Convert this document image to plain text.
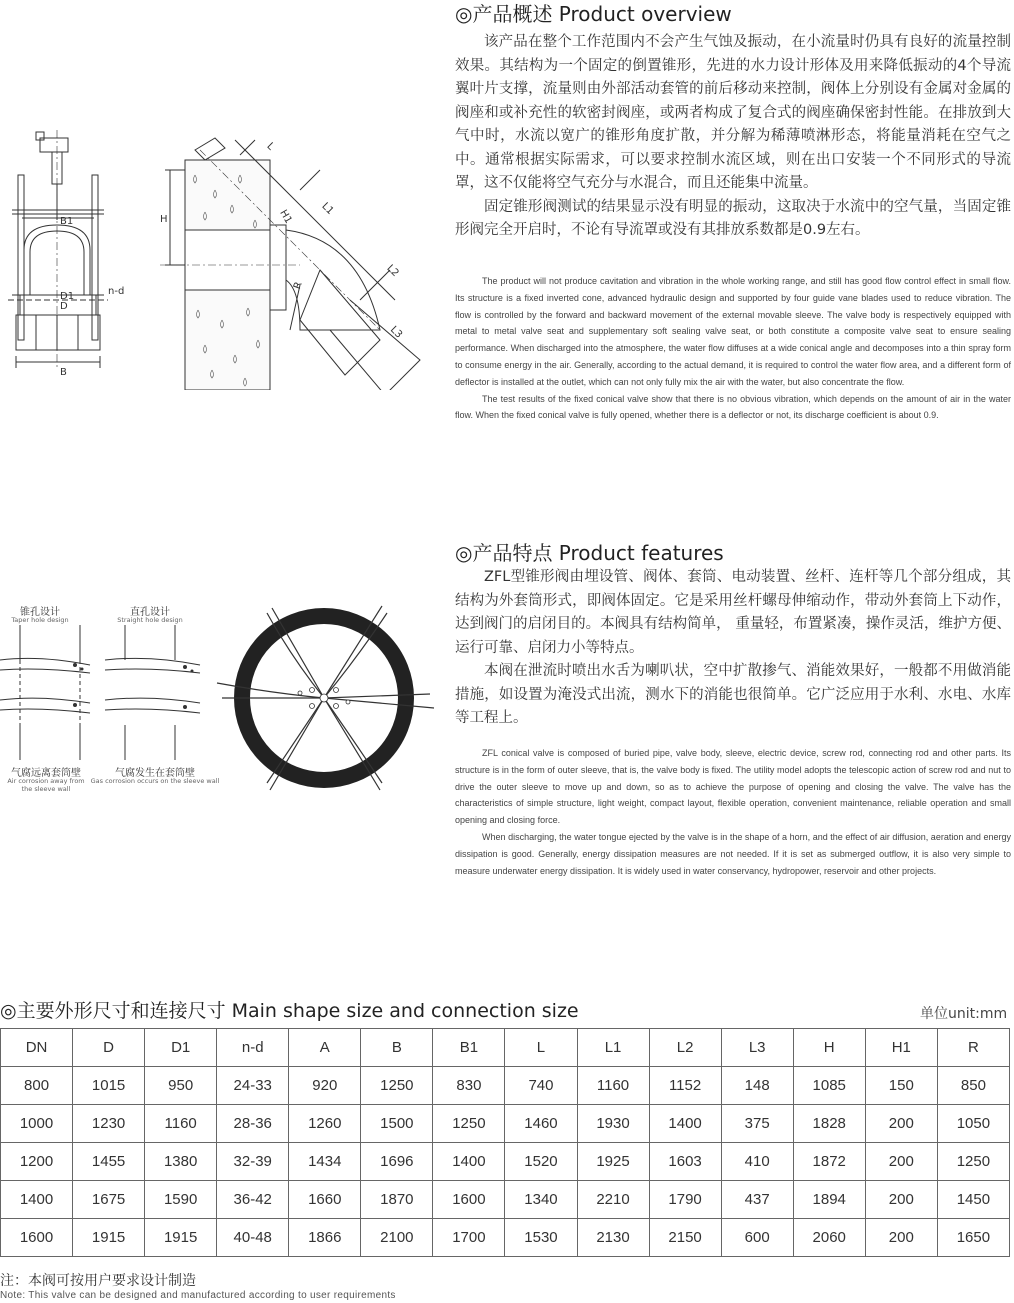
◎产品概述 Product overview

该产品在整个工作范围内不会产生气蚀及振动，在小流量时仍具有良好的流量控制效果。其结构为一个固定的倒置锥形，先进的水力设计形体及用来降低振动的4个导流翼叶片支撑，流量则由外部活动套管的前后移动来控制，阀体上分别设有金属对金属的阀座和或补充性的软密封阀座，或两者构成了复合式的阀座确保密封性能。在排放到大气中时，水流以宽广的锥形角度扩散，并分解为稀薄喷淋形态，将能量消耗在空气之中。通常根据实际需求，可以要求控制水流区域，则在出口安装一个不同形式的导流罩，这不仅能将空气充分与水混合，而且还能集中流量。

固定锥形阀测试的结果显示没有明显的振动，这取决于水流中的空气量，当固定锥形阀完全开启时，不论有导流罩或没有其排放系数都是0.9左右。

The product will not produce cavitation and vibration in the whole working range, and still has good flow control effect in small flow. Its structure is a fixed inverted cone, advanced hydraulic design and supported by four guide vane blades used to reduce vibration. The flow is controlled by the forward and backward movement of the external movable sleeve. The valve body is respectively equipped with metal to metal valve seat and supplementary soft sealing valve seat, or both constitute a composite valve seat to ensure sealing performance. When discharged into the atmosphere, the water flow diffuses at a wide conical angle and decomposes into a thin spray form to consume energy in the air. Generally, according to the actual demand, it is required to control the water flow area, and a different form of deflector is installed at the outlet, which can not only fully mix the air with the water, but also concentrate the flow.

The test results of the fixed conical valve show that there is no obvious vibration, which depends on the amount of air in the water flow. When the fixed conical valve is fully opened, whether there is a deflector or not, its discharge coefficient is about 0.9.

B1
n-d
D1
D
B
H	H1
L
L1
L2
L3
R
◎产品特点 Product features

ZFL型锥形阀由埋设管、阀体、套筒、电动装置、丝杆、连杆等几个部分组成，其结构为外套筒形式，即阀体固定。它是采用丝杆螺母伸缩动作，带动外套筒上下动作，达到阀门的启闭目的。本阀具有结构简单， 重量轻，布置紧凑，操作灵活，维护方便、运行可靠、启闭力小等特点。

本阀在泄流时喷出水舌为喇叭状，空中扩散掺气、消能效果好，一般都不用做消能措施，如设置为淹没式出流，测水下的消能也很简单。它广泛应用于水利、水电、水库等工程上。

ZFL conical valve is composed of buried pipe, valve body, sleeve, electric device, screw rod, connecting rod and other parts. Its structure is in the form of outer sleeve, that is, the valve body is fixed. The utility model adopts the telescopic action of screw rod and nut to drive the outer sleeve to move up and down, so as to achieve the purpose of opening and closing the valve. The valve has the characteristics of simple structure, light weight, compact layout, flexible operation, convenient maintenance, reliable operation and small opening and closing force.

When discharging, the water tongue ejected by the valve is in the shape of a horn, and the effect of air diffusion, aeration and energy dissipation is good. Generally, energy dissipation measures are not needed. If it is set as submerged outflow, it is also very simple to measure underwater energy dissipation. It is widely used in water conservancy, hydropower, reservoir and other projects.

锥孔设计
Taper hole design
直孔设计
Straight hole design
气腐远离套筒壁
Air corrosion away from the sleeve wall
气腐发生在套筒壁
Gas corrosion occurs on the sleeve wall
◎主要外形尺寸和连接尺寸 Main shape size and connection size	单位unit:mm
DN	D	D1	n-d	A	B	B1	L	L1	L2	L3	H	H1	R
800	1015	950	24-33	920	1250	830	740	1160	1152	148	1085	150	850
1000	1230	1160	28-36	1260	1500	1250	1460	1930	1400	375	1828	200	1050
1200	1455	1380	32-39	1434	1696	1400	1520	1925	1603	410	1872	200	1250
1400	1675	1590	36-42	1660	1870	1600	1340	2210	1790	437	1894	200	1450
1600	1915	1915	40-48	1866	2100	1700	1530	2130	2150	600	2060	200	1650
注：本阀可按用户要求设计制造
Note: This valve can be designed and manufactured according to user requirements
